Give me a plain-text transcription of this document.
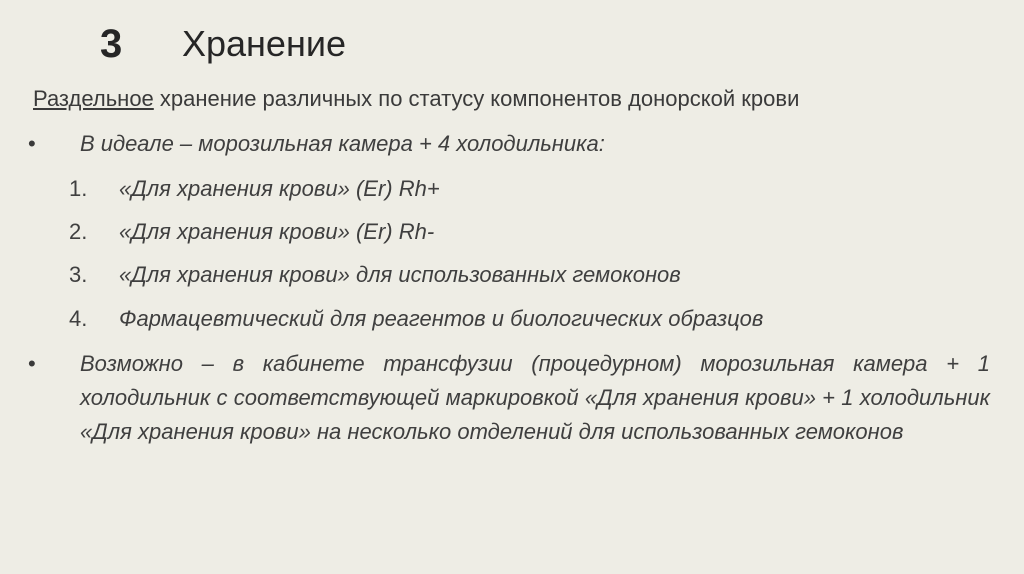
3 Хранение
Раздельное хранение различных по статусу компонентов донорской крови
• В идеале – морозильная камера + 4 холодильника:
1. «Для хранения крови» (Er) Rh+
2. «Для хранения крови» (Er) Rh-
3. «Для хранения крови» для использованных гемоконов
4. Фармацевтический для реагентов и биологических образцов
• Возможно – в кабинете трансфузии (процедурном) морозильная камера + 1 холодильник с соответствующей маркировкой «Для хранения крови» + 1 холодильник «Для хранения крови» на несколько отделений для использованных гемоконов
